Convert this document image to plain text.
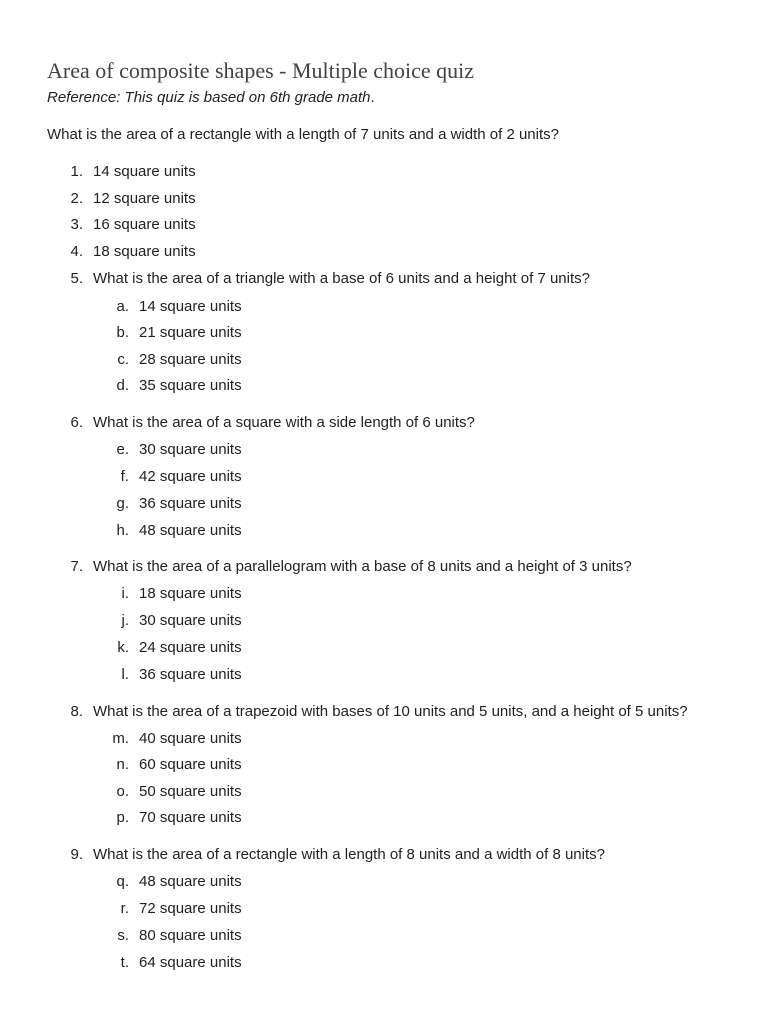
Area of composite shapes - Multiple choice quiz

Reference: This quiz is based on 6th grade math.

What is the area of a rectangle with a length of 7 units and a width of 2 units?

1. 14 square units
2. 12 square units
3. 16 square units
4. 18 square units
5. What is the area of a triangle with a base of 6 units and a height of 7 units?
a. 14 square units
b. 21 square units
c. 28 square units
d. 35 square units
6. What is the area of a square with a side length of 6 units?
e. 30 square units
f. 42 square units
g. 36 square units
h. 48 square units
7. What is the area of a parallelogram with a base of 8 units and a height of 3 units?
i. 18 square units
j. 30 square units
k. 24 square units
l. 36 square units
8. What is the area of a trapezoid with bases of 10 units and 5 units, and a height of 5 units?
m. 40 square units
n. 60 square units
o. 50 square units
p. 70 square units
9. What is the area of a rectangle with a length of 8 units and a width of 8 units?
q. 48 square units
r. 72 square units
s. 80 square units
t. 64 square units
